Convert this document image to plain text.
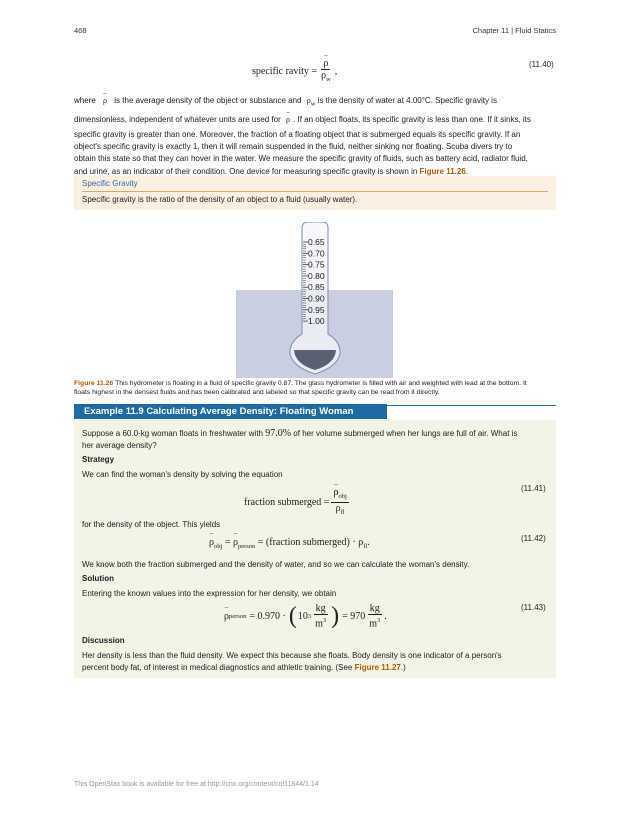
468	Chapter 11 | Fluid Statics
specific ravity = – $\frac{\rho}{\rho_w}$ ,
(11.40)
where – ρ is the average density of the object or substance and $\rho_w$ is the density of water at 4.00°C. Specific gravity is
dimensionless, independent of whatever units are used for – ρ . If an object floats, its specific gravity is less than one. If it sinks, its
specific gravity is greater than one. Moreover, the fraction of a floating object that is submerged equals its specific gravity. If an
object's specific gravity is exactly 1, then it will remain suspended in the fluid, neither sinking nor floating. Scuba divers try to
obtain this state so that they can hover in the water. We measure the specific gravity of fluids, such as battery acid, radiator fluid,
and urine, as an indicator of their condition. One device for measuring specific gravity is shown in Figure 11.26.
Specific Gravity
Specific gravity is the ratio of the density of an object to a fluid (usually water).
0.65
0.70
0.75
0.80
0.85
0.90
0.95
1.00
Figure 11.26 This hydrometer is floating in a fluid of specific gravity 0.87. The glass hydrometer is filled with air and weighted with lead at the bottom. It
floats highest in the densest fluids and has been calibrated and labeled so that specific gravity can be read from it directly.
Example 11.9 Calculating Average Density: Floating Woman
Suppose a 60.0-kg woman floats in freshwater with 97.0% of her volume submerged when her lungs are full of air. What is
her average density?
Strategy
We can find the woman's density by solving the equation
fraction submerged = – $\frac{\rho_{obj}}{\rho_{fl}}$	(11.41)
for the density of the object. This yields
– $\rho_{obj}$ = – $\rho_{person}$ = (fraction submerged) · $\rho_{fl}$.	(11.42)
We know both the fraction submerged and the density of water, and so we can calculate the woman's density.
Solution
Entering the known values into the expression for her density, we obtain
– ρ person = 0.970 · ( 10 $3 \frac{kg}{m^3}$ ) = $970 \frac{kg}{m^3}$ .
(11.43)
Discussion
Her density is less than the fluid density. We expect this because she floats. Body density is one indicator of a person's
percent body fat, of interest in medical diagnostics and athletic training. (See Figure 11.27.)
This OpenStax book is available for free at http://cnx.org/content/col11844/1.14
